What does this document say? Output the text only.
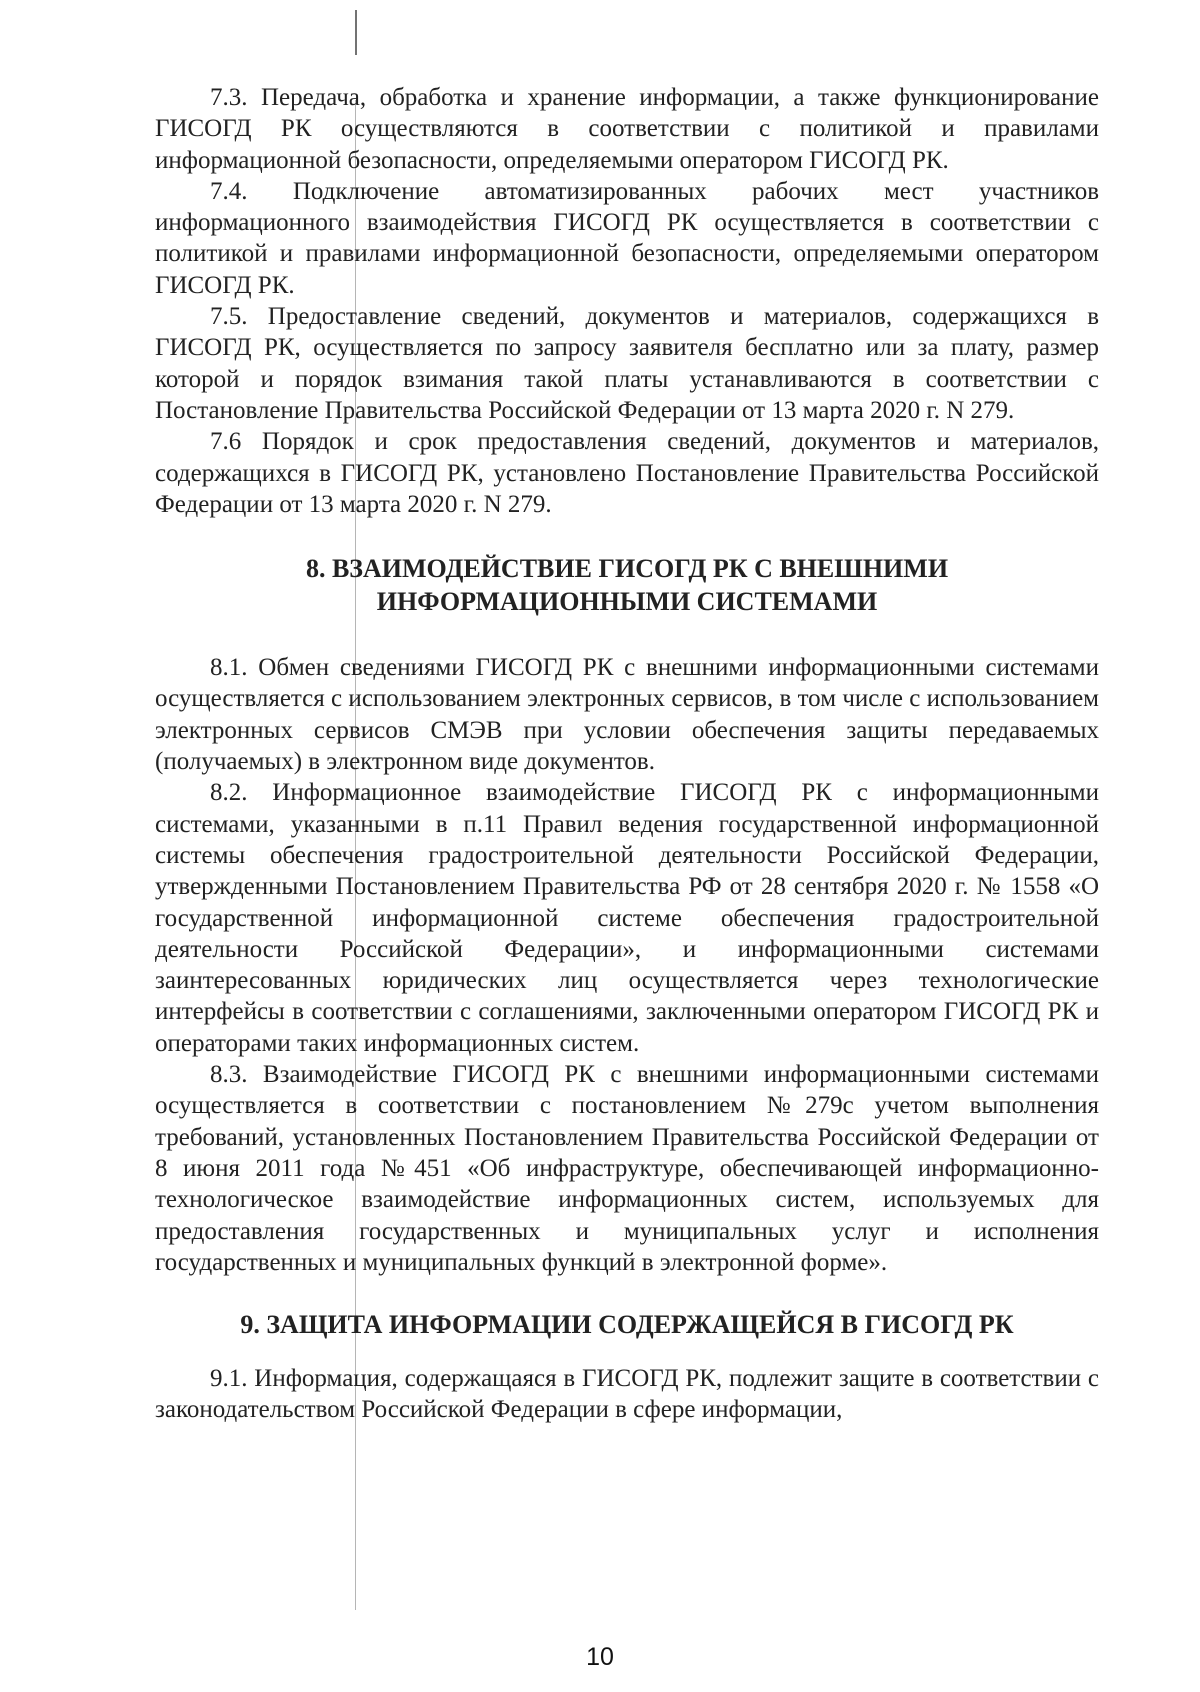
7.3. Передача, обработка и хранение информации, а также функционирование ГИСОГД РК осуществляются в соответствии с политикой и правилами информационной безопасности, определяемыми оператором ГИСОГД РК.

7.4. Подключение автоматизированных рабочих мест участников информационного взаимодействия ГИСОГД РК осуществляется в соответствии с политикой и правилами информационной безопасности, определяемыми оператором ГИСОГД РК.

7.5. Предоставление сведений, документов и материалов, содержащихся в ГИСОГД РК, осуществляется по запросу заявителя бесплатно или за плату, размер которой и порядок взимания такой платы устанавливаются в соответствии с Постановление Правительства Российской Федерации от 13 марта 2020 г. N 279.

7.6 Порядок и срок предоставления сведений, документов и материалов, содержащихся в ГИСОГД РК, установлено Постановление Правительства Российской Федерации от 13 марта 2020 г. N 279.

8. ВЗАИМОДЕЙСТВИЕ ГИСОГД РК С ВНЕШНИМИ
ИНФОРМАЦИОННЫМИ СИСТЕМАМИ

8.1. Обмен сведениями ГИСОГД РК с внешними информационными системами осуществляется с использованием электронных сервисов, в том числе с использованием электронных сервисов СМЭВ при условии обеспечения защиты передаваемых (получаемых) в электронном виде документов.

8.2. Информационное взаимодействие ГИСОГД РК с информационными системами, указанными в п.11 Правил ведения государственной информационной системы обеспечения градостроительной деятельности Российской Федерации, утвержденными Постановлением Правительства РФ от 28 сентября 2020 г. № 1558 «О государственной информационной системе обеспечения градостроительной деятельности Российской Федерации», и информационными системами заинтересованных юридических лиц осуществляется через технологические интерфейсы в соответствии с соглашениями, заключенными оператором ГИСОГД РК и операторами таких информационных систем.

8.3. Взаимодействие ГИСОГД РК с внешними информационными системами осуществляется в соответствии с постановлением №279с учетом выполнения требований, установленных Постановлением Правительства Российской Федерации от 8 июня 2011 года №451 «Об инфраструктуре, обеспечивающей информационно-технологическое взаимодействие информационных систем, используемых для предоставления государственных и муниципальных услуг и исполнения государственных и муниципальных функций в электронной форме».

9. ЗАЩИТА ИНФОРМАЦИИ СОДЕРЖАЩЕЙСЯ В ГИСОГД РК

9.1. Информация, содержащаяся в ГИСОГД РК, подлежит защите в соответствии с законодательством Российской Федерации в сфере информации,

10
